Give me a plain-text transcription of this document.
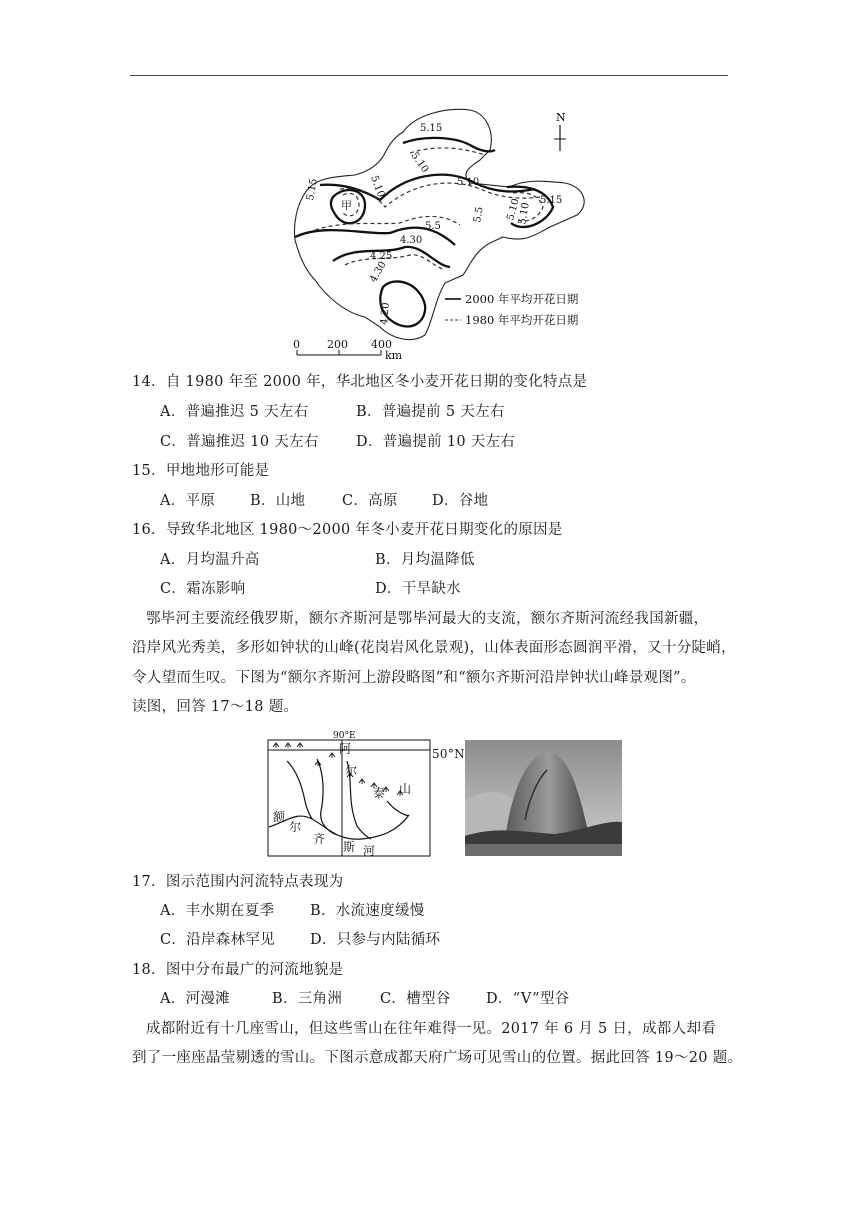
5.15
5.10
5.10
5.15	5.10
5.5
5.5 5.10 5.15
5.10
4.30
4.25
4.30
4.20
甲
N
2000 年平均开花日期
1980 年平均开花日期
0 200 400
km
14．自 1980 年至 2000 年，华北地区冬小麦开花日期的变化特点是
A．普遍推迟 5 天左右	B．普遍提前 5 天左右
C．普遍推迟 10 天左右	D．普遍提前 10 天左右
15．甲地地形可能是
A．平原 B．山地	C．高原 D．谷地
16．导致华北地区 1980～2000 年冬小麦开花日期变化的原因是
A．月均温升高	B．月均温降低
C．霜冻影响	D．干旱缺水
鄂毕河主要流经俄罗斯，额尔齐斯河是鄂毕河最大的支流，额尔齐斯河流经我国新疆，
沿岸风光秀美，多形如钟状的山峰(花岗岩风化景观)，山体表面形态圆润平滑，又十分陡峭，
令人望而生叹。下图为“额尔齐斯河上游段略图”和“额尔齐斯河沿岸钟状山峰景观图”。
读图，回答 17～18 题。
90°E
阿
尔
泰 山
额
尔
齐
斯 河
50°N
17．图示范围内河流特点表现为
A．丰水期在夏季 B．水流速度缓慢
C．沿岸森林罕见 D．只参与内陆循环
18．图中分布最广的河流地貌是
A．河漫滩	B．三角洲	C．槽型谷 D．“V”型谷
成都附近有十几座雪山，但这些雪山在往年难得一见。2017 年 6 月 5 日，成都人却看
到了一座座晶莹剔透的雪山。下图示意成都天府广场可见雪山的位置。据此回答 19～20 题。
